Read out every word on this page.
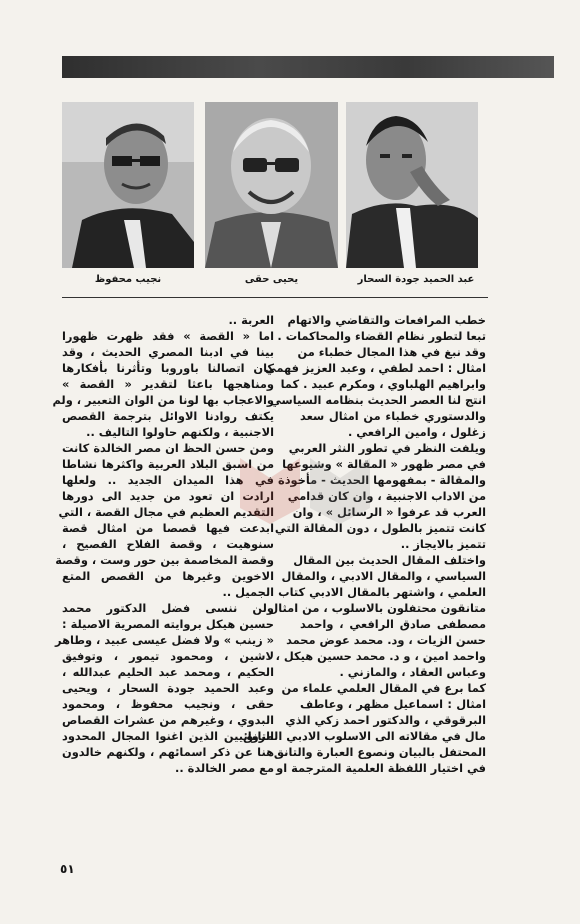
نجيب محفوظ	يحيى حقى	عبد الحميد جودة السحار
خطب المرافعات والتقاضي والاتهام
تبعا لتطور نظام القضاء والمحاكمات .
وقد نبغ في هذا المجال خطباء من
امثال : احمد لطفي ، وعبد العزيز فهمي
وابراهيم الهلباوي ، ومكرم عبيد . كما
انتج لنا العصر الحديث بنظامه السياسي
والدستوري خطباء من امثال سعد
زغلول ، وامين الرافعي .
ويلفت النظر في تطور النثر العربي
في مصر ظهور « المقالة » وشيوعها
والمقالة - بمفهومها الحديث - مأخوذة
من الاداب الاجنبية ، وان كان قدامي
العرب قد عرفوا « الرسائل » ، وان
كانت تتميز بالطول ، دون المقالة التي
تتميز بالايجاز ..
واختلف المقال الحديث بين المقال
السياسي ، والمقال الادبي ، والمقال
العلمي ، واشتهر بالمقال الادبي كتاب
متانقون محتفلون بالاسلوب ، من امثال
مصطفى صادق الرافعي ، واحمد
حسن الزيات ، ود. محمد عوض محمد
واحمد امين ، و د. محمد حسين هيكل ،
وعباس العقاد ، والمازني .
كما برع في المقال العلمي علماء من
امثال : اسماعيل مظهر ، وعاطف
البرقوقي ، والدكتور احمد زكي الذي
مال في مقالاته الى الاسلوب الادبي المتانق
المحتفل بالبيان ونصوع العبارة والتانق
في اختيار اللفظة العلمية المترجمة او
العربة ..
اما « القصة » فقد ظهرت ظهورا
بينا في ادبنا المصري الحديث ، وقد
كان اتصالنا باوروبا وتأثرنا بأفكارها
ومناهجها باعثا لتقدير « القصة »
والاعجاب بها لونا من الوان التعبير ، ولم
يكتف روادنا الاوائل بترجمة القصص
الاجنبية ، ولكنهم حاولوا التاليف ..
ومن حسن الحظ ان مصر الخالدة كانت
من اسبق البلاد العربية واكثرها نشاطا
في هذا الميدان الجديد .. ولعلها
ارادت ان تعود من جديد الى دورها
التقديم العظيم في مجال القصة ، التي
ابدعت فيها قصصا من امثال قصة
سنوهيت ، وقصة الفلاح الفصيح ،
وقصة المخاصمة بين حور وست ، وقصة
الاخوين وغيرها من القصص المتع
الجميل ..
ولن ننسى فضل الدكتور محمد
حسين هيكل بروايته المصرية الاصيلة :
« زينب » ولا فضل عيسى عبيد ، وطاهر
لاشين ، ومحمود تيمور ، وتوفيق
الحكيم ، ومحمد عبد الحليم عبدالله ،
وعبد الحميد جودة السحار ، ويحيى
حقى ، ونجيب محفوظ ، ومحمود
البدوي ، وغيرهم من عشرات القصاص
الروائيين الذين اغنوا المجال المحدود
هنا عن ذكر اسمائهم ، ولكنهم خالدون
مع مصر الخالدة ..
٥١
